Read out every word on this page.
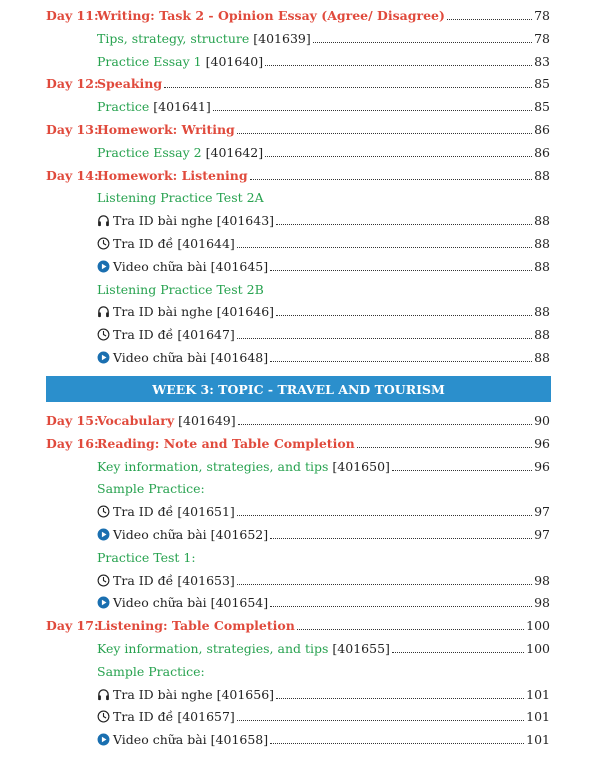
Day 11:
Writing: Task 2 - Opinion Essay (Agree/ Disagree)	78
Tips, strategy, structure [401639]	78
Practice Essay 1 [401640]	83
Day 12:
Speaking	85
Practice [401641]	85
Day 13:
Homework: Writing	86
Practice Essay 2 [401642]	86
Day 14:
Homework: Listening	88
Listening Practice Test 2A
Tra ID bài nghe [401643]	88
Tra ID đề [401644]	88
Video chữa bài [401645]	88
Listening Practice Test 2B
Tra ID bài nghe [401646]	88
Tra ID đề [401647]	88
Video chữa bài [401648]	88
WEEK 3: TOPIC - TRAVEL AND TOURISM
Day 15:
Vocabulary [401649]	90
Day 16:
Reading: Note and Table Completion	96
Key information, strategies, and tips [401650]	96
Sample Practice:
Tra ID đề [401651]	97
Video chữa bài [401652]	97
Practice Test 1:
Tra ID đề [401653]	98
Video chữa bài [401654]	98
Day 17:
Listening: Table Completion	100
Key information, strategies, and tips [401655]	100
Sample Practice:
Tra ID bài nghe [401656]	101
Tra ID đề [401657]	101
Video chữa bài [401658]	101
